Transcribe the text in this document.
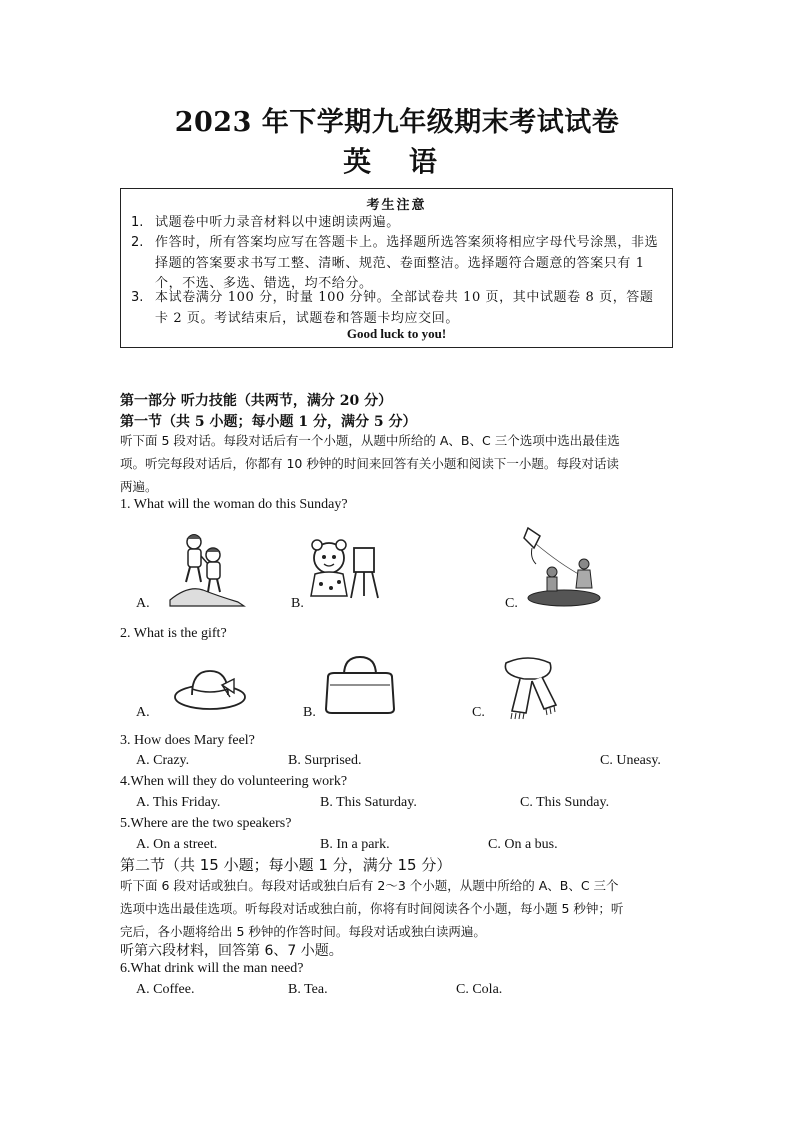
2023 年下学期九年级期末考试试卷
英 语
考生注意
1. 试题卷中听力录音材料以中速朗读两遍。
2. 作答时，所有答案均应写在答题卡上。选择题所选答案须将相应字母代号涂黑，非选择题的答案要求书写工整、清晰、规范、卷面整洁。选择题符合题意的答案只有 1 个，不选、多选、错选，均不给分。
3. 本试卷满分 100 分，时量 100 分钟。全部试卷共 10 页，其中试题卷 8 页，答题卡 2 页。考试结束后，试题卷和答题卡均应交回。
Good luck to you!
第一部分 听力技能（共两节，满分 20 分）
第一节（共 5 小题；每小题 1 分，满分 5 分）
听下面 5 段对话。每段对话后有一个小题，从题中所给的 A、B、C 三个选项中选出最佳选
项。听完每段对话后，你都有 10 秒钟的时间来回答有关小题和阅读下一小题。每段对话读
两遍。
1. What will the woman do this Sunday?
A.	B.	C.
2. What is the gift?
A.	B.	C.
3. How does Mary feel?
A. Crazy.	B. Surprised.	C. Uneasy.
4.When will they do volunteering work?
A. This Friday.	B. This Saturday.	C. This Sunday.
5.Where are the two speakers?
A. On a street.	B. In a park.	C. On a bus.
第二节（共 15 小题；每小题 1 分，满分 15 分）
听下面 6 段对话或独白。每段对话或独白后有 2～3 个小题，从题中所给的 A、B、C 三个
选项中选出最佳选项。听每段对话或独白前，你将有时间阅读各个小题，每小题 5 秒钟；听
完后，各小题将给出 5 秒钟的作答时间。每段对话或独白读两遍。
听第六段材料，回答第 6、7 小题。
6.What drink will the man need?
A. Coffee.	B. Tea.	C. Cola.
